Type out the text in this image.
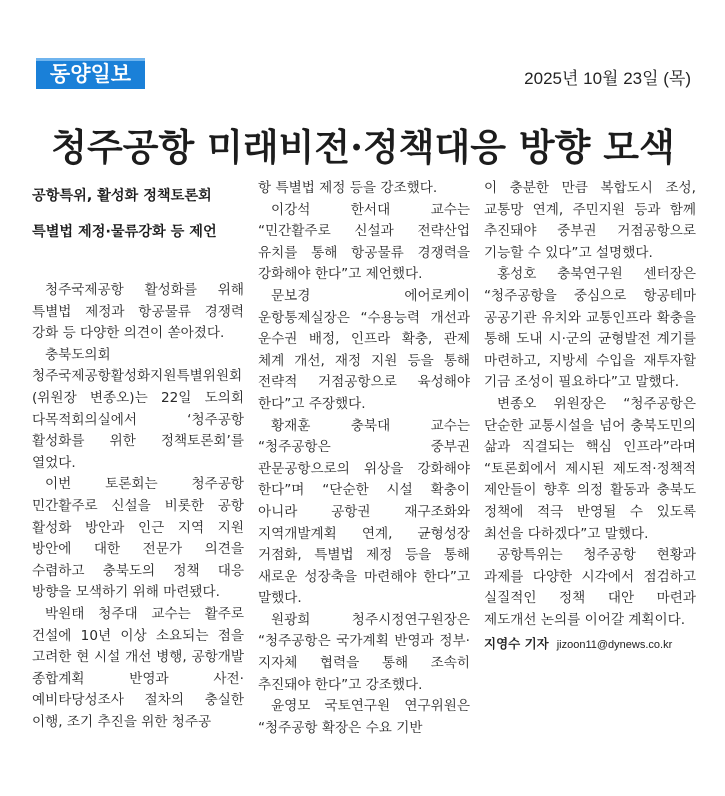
동양일보	2025년 10월 23일 (목)
청주공항 미래비전·정책대응 방향 모색
공항특위, 활성화 정책토론회
특별법 제정·물류강화 등 제언

청주국제공항 활성화를 위해 특별법 제정과 항공물류 경쟁력 강화 등 다양한 의견이 쏟아졌다.

충북도의회 청주국제공항활성화지원특별위원회(위원장 변종오)는 22일 도의회 다목적회의실에서 ‘청주공항 활성화를 위한 정책토론회’를 열었다.

이번 토론회는 청주공항 민간활주로 신설을 비롯한 공항 활성화 방안과 인근 지역 지원 방안에 대한 전문가 의견을 수렴하고 충북도의 정책 대응 방향을 모색하기 위해 마련됐다.

박원태 청주대 교수는 활주로 건설에 10년 이상 소요되는 점을 고려한 현 시설 개선 병행, 공항개발 종합계획 반영과 사전·예비타당성조사 절차의 충실한 이행, 조기 추진을 위한 청주공

항 특별법 제정 등을 강조했다.

이강석 한서대 교수는 “민간활주로 신설과 전략산업 유치를 통해 항공물류 경쟁력을 강화해야 한다”고 제언했다.

문보경 에어로케이 운항통제실장은 “수용능력 개선과 운수권 배정, 인프라 확충, 관제 체계 개선, 재정 지원 등을 통해 전략적 거점공항으로 육성해야 한다”고 주장했다.

황재훈 충북대 교수는 “청주공항은 중부권 관문공항으로의 위상을 강화해야 한다”며 “단순한 시설 확충이 아니라 공항권 재구조화와 지역개발계획 연계, 균형성장 거점화, 특별법 제정 등을 통해 새로운 성장축을 마련해야 한다”고 말했다.

원광희 청주시정연구원장은 “청주공항은 국가계획 반영과 정부·지자체 협력을 통해 조속히 추진돼야 한다”고 강조했다.

윤영모 국토연구원 연구위원은 “청주공항 확장은 수요 기반

이 충분한 만큼 복합도시 조성, 교통망 연계, 주민지원 등과 함께 추진돼야 중부권 거점공항으로 기능할 수 있다”고 설명했다.

홍성호 충북연구원 센터장은 “청주공항을 중심으로 항공테마 공공기관 유치와 교통인프라 확충을 통해 도내 시·군의 균형발전 계기를 마련하고, 지방세 수입을 재투자할 기금 조성이 필요하다”고 말했다.

변종오 위원장은 “청주공항은 단순한 교통시설을 넘어 충북도민의 삶과 직결되는 핵심 인프라”라며 “토론회에서 제시된 제도적·정책적 제안들이 향후 의정 활동과 충북도 정책에 적극 반영될 수 있도록 최선을 다하겠다”고 말했다.

공항특위는 청주공항 현황과 과제를 다양한 시각에서 점검하고 실질적인 정책 대안 마련과 제도개선 논의를 이어갈 계획이다.

지영수 기자 jizoon11@dynews.co.kr
